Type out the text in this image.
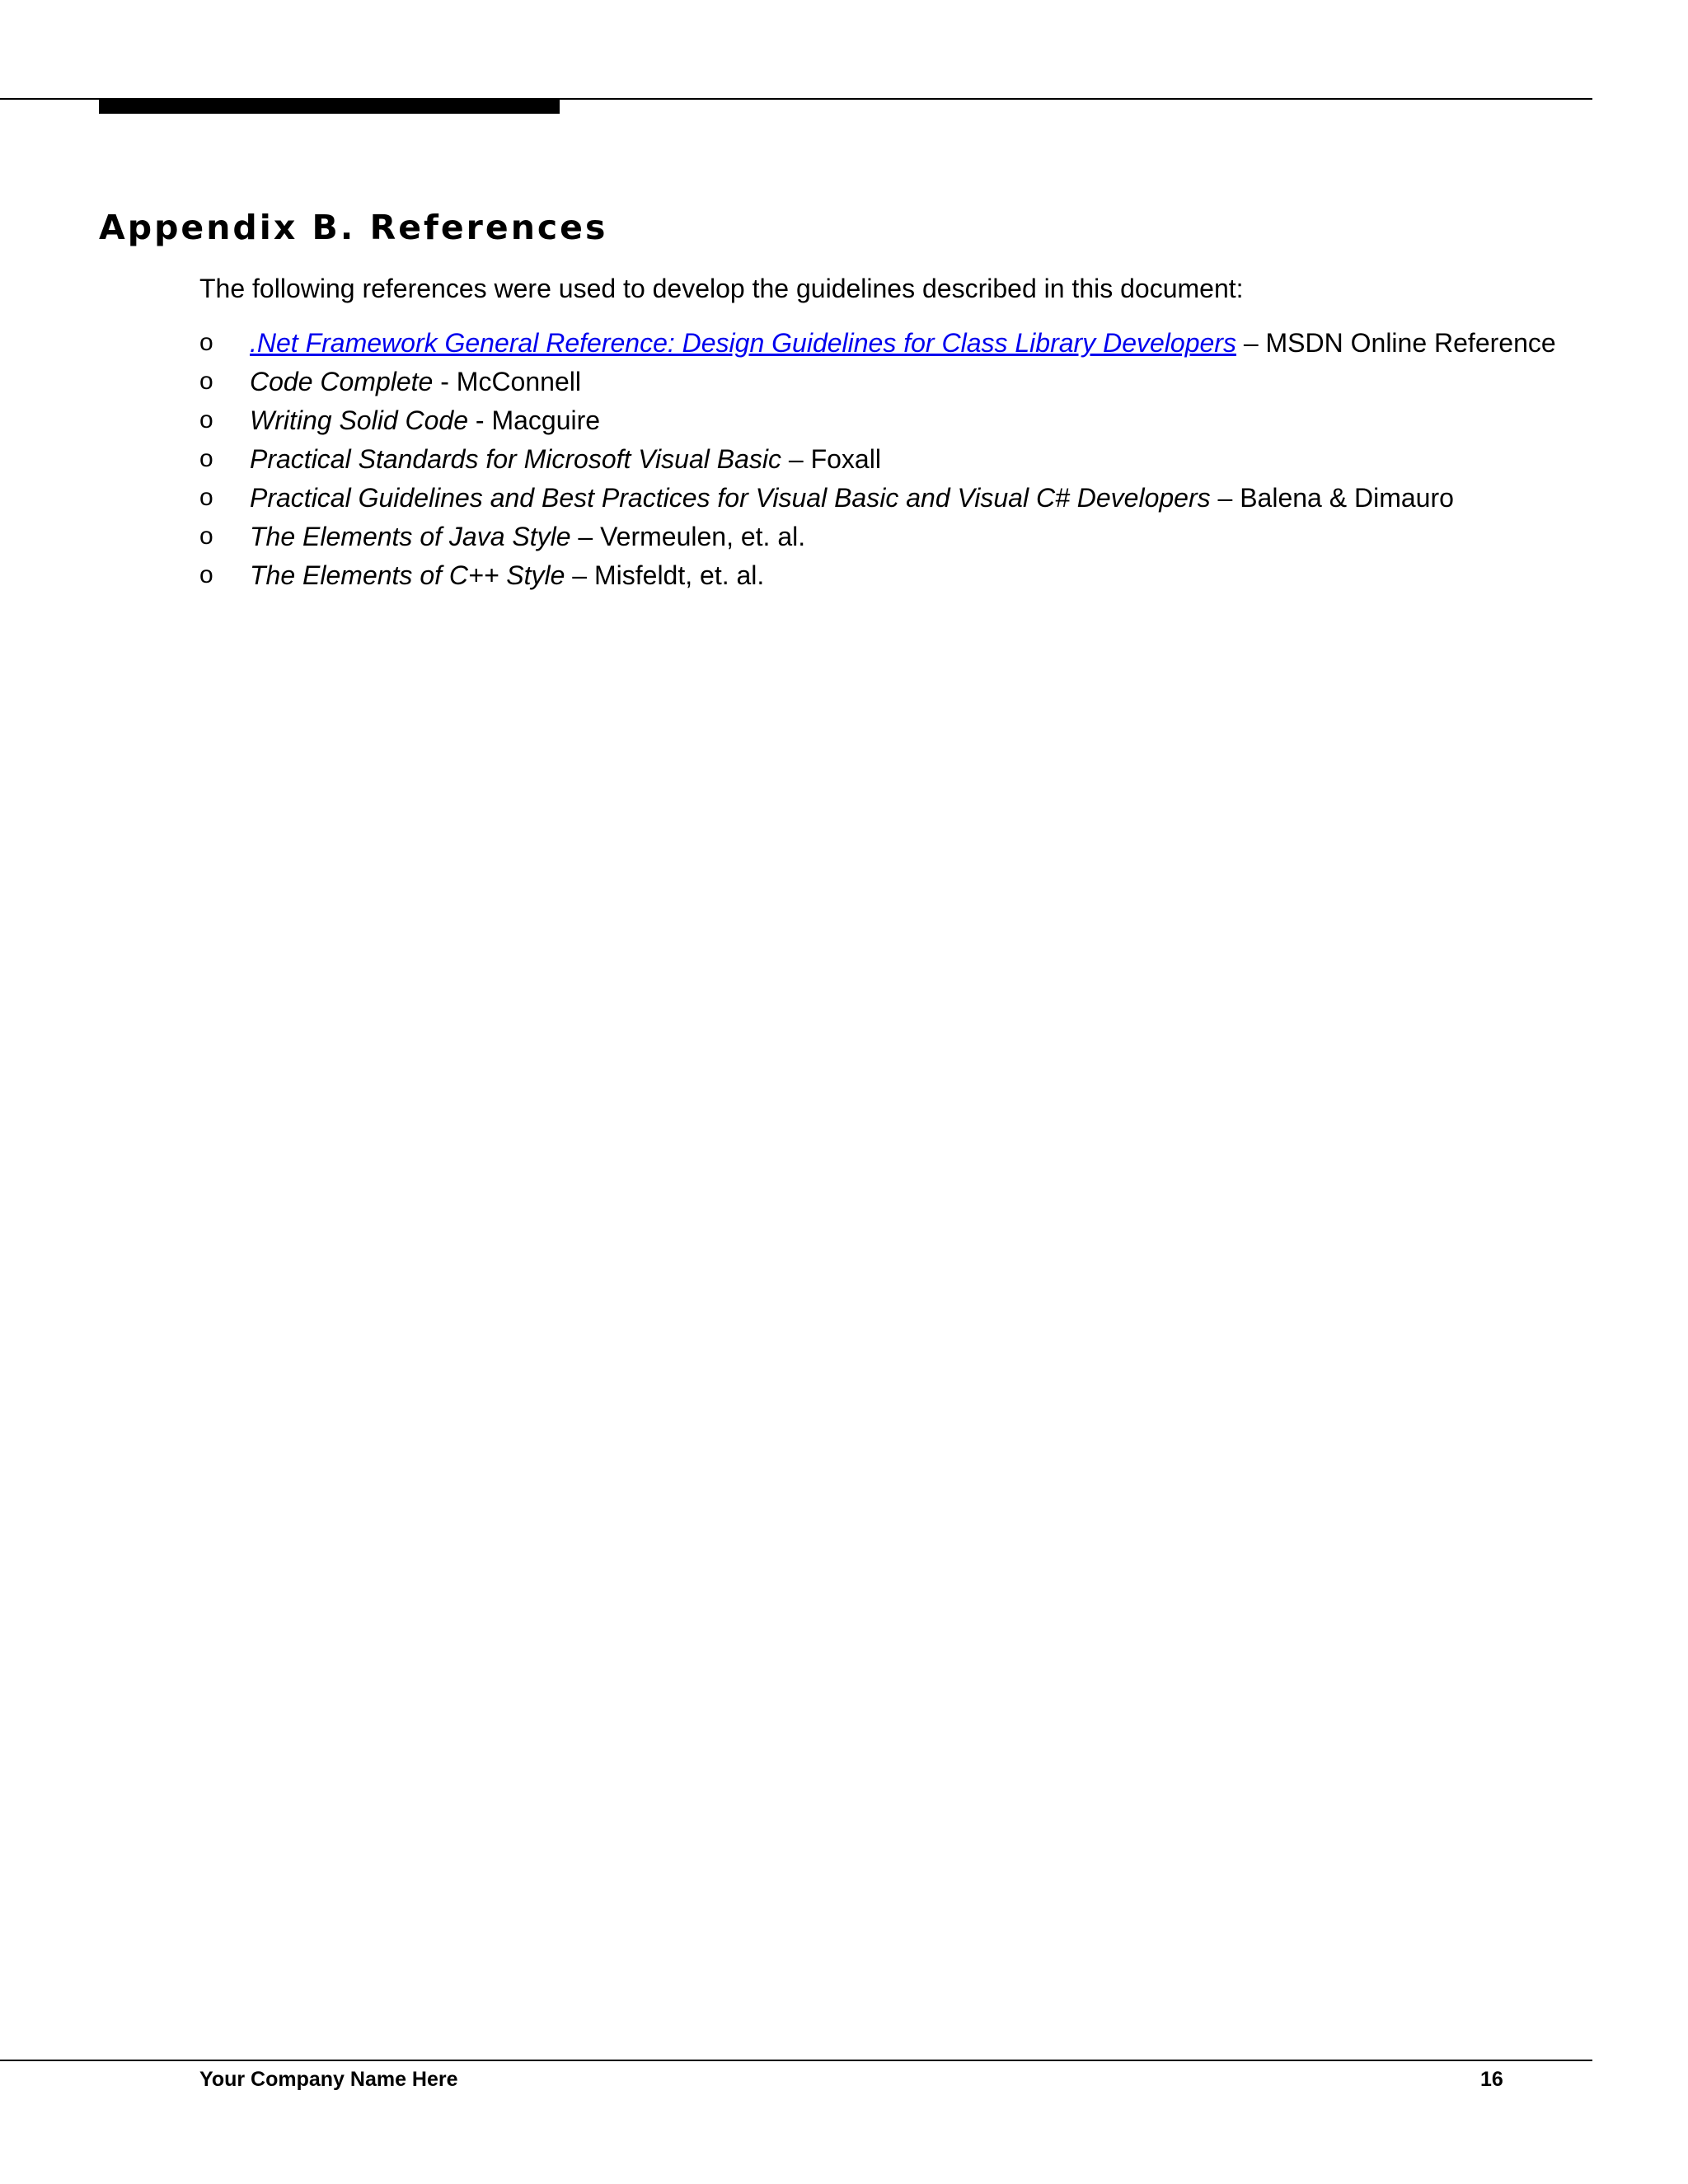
Appendix B. References

The following references were used to develop the guidelines described in this document:

o .Net Framework General Reference: Design Guidelines for Class Library Developers – MSDN Online Reference
o Code Complete - McConnell
o Writing Solid Code - Macguire
o Practical Standards for Microsoft Visual Basic – Foxall
o Practical Guidelines and Best Practices for Visual Basic and Visual C# Developers – Balena & Dimauro
o The Elements of Java Style – Vermeulen, et. al.
o The Elements of C++ Style – Misfeldt, et. al.
Your Company Name Here	16
